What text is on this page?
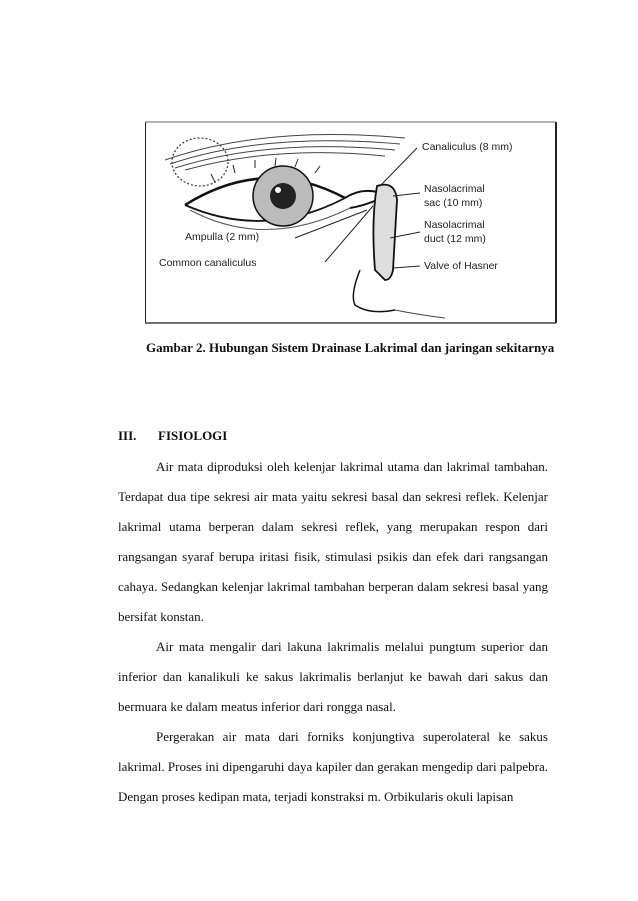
Canaliculus (8 mm)
Nasolacrimal
sac (10 mm)
Nasolacrimal
duct (12 mm)
Ampulla (2 mm)
Common canaliculus	Valve of Hasner
Gambar 2. Hubungan Sistem Drainase Lakrimal dan jaringan sekitarnya
III. FISIOLOGI

Air mata diproduksi oleh kelenjar lakrimal utama dan lakrimal tambahan. Terdapat dua tipe sekresi air mata yaitu sekresi basal dan sekresi reflek. Kelenjar lakrimal utama berperan dalam sekresi reflek, yang merupakan respon dari rangsangan syaraf berupa iritasi fisik, stimulasi psikis dan efek dari rangsangan cahaya. Sedangkan kelenjar lakrimal tambahan berperan dalam sekresi basal yang bersifat konstan.

Air mata mengalir dari lakuna lakrimalis melalui pungtum superior dan inferior dan kanalikuli ke sakus lakrimalis berlanjut ke bawah dari sakus dan bermuara ke dalam meatus inferior dari rongga nasal.

Pergerakan air mata dari forniks konjungtiva superolateral ke sakus lakrimal. Proses ini dipengaruhi daya kapiler dan gerakan mengedip dari palpebra. Dengan proses kedipan mata, terjadi konstraksi m. Orbikularis okuli lapisan
